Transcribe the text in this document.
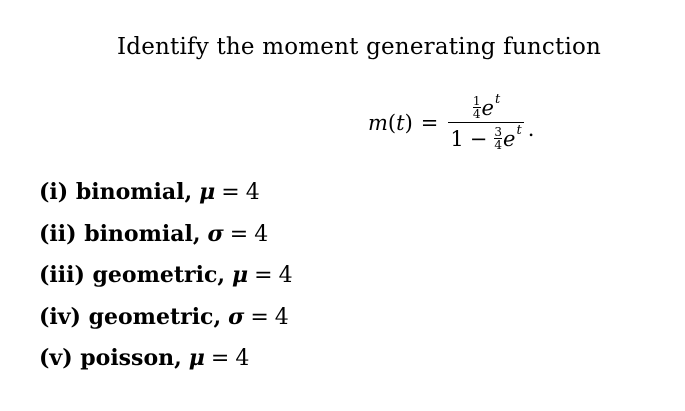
Identify the moment generating function
m(t) =
$\frac{1}{4}$ e t
$1 - \frac{3}{4}$ e t .
(i) binomial, μ = 4
(ii) binomial, σ = 4
(iii) geometric, μ = 4
(iv) geometric, σ = 4
(v) poisson, μ = 4
